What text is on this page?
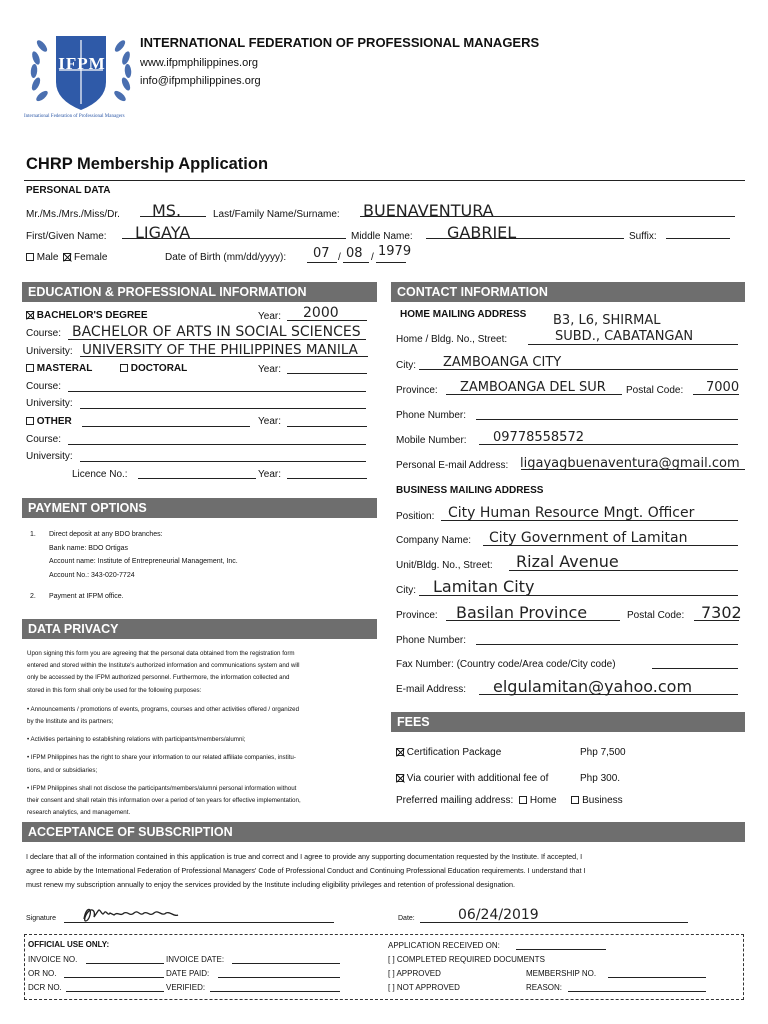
IFPM
International Federation of Professional Managers
INTERNATIONAL FEDERATION OF PROFESSIONAL MANAGERS
www.ifpmphilippines.org
info@ifpmphilippines.org
CHRP Membership Application
PERSONAL DATA
Mr./Ms./Mrs./Miss/Dr. MS.	Last/Family Name/Surname: BUENAVENTURA
First/Given Name: LIGAYA	Middle Name: GABRIEL	Suffix:
Male Female	Date of Birth (mm/dd/yyyy): 07 / 08 / 1979
EDUCATION & PROFESSIONAL INFORMATION
BACHELOR'S DEGREE	Year: 2000
Course: BACHELOR OF ARTS IN SOCIAL SCIENCES
University: UNIVERSITY OF THE PHILIPPINES MANILA
MASTERAL	DOCTORAL	Year:
Course:
University:
OTHER	Year:
Course:
University:
Licence No.:	Year:
PAYMENT OPTIONS
1. Direct deposit at any BDO branches:
Bank name: BDO Ortigas
Account name: Institute of Entrepreneurial Management, Inc.
Account No.: 343-020-7724
2. Payment at IFPM office.
DATA PRIVACY
Upon signing this form you are agreeing that the personal data obtained from the registration form
entered and stored within the Institute's authorized information and communications system and will
only be accessed by the IFPM authorized personnel. Furthermore, the information collected and
stored in this form shall only be used for the following purposes:
• Announcements / promotions of events, programs, courses and other activities offered / organized
by the Institute and its partners;
• Activities pertaining to establishing relations with participants/members/alumni;
• IFPM Philippines has the right to share your information to our related affiliate companies, institu-
tions, and or subsidiaries;
• IFPM Philippines shall not disclose the participants/members/alumni personal information without
their consent and shall retain this information over a period of ten years for effective implementation,
research analytics, and management.
CONTACT INFORMATION
HOME MAILING ADDRESS B3, L6, SHIRMAL
Home / Bldg. No., Street:	SUBD., CABATANGAN
City: ZAMBOANGA CITY
Province: ZAMBOANGA DEL SUR Postal Code: 7000
Phone Number:
Mobile Number: 09778558572
Personal E-mail Address: ligayagbuenaventura@gmail.com
BUSINESS MAILING ADDRESS
Position: City Human Resource Mngt. Officer
Company Name: City Government of Lamitan
Unit/Bldg. No., Street: Rizal Avenue
City: Lamitan City
Province: Basilan Province	Postal Code: 7302
Phone Number:
Fax Number: (Country code/Area code/City code)
E-mail Address: elgulamitan@yahoo.com
FEES
Certification Package	Php 7,500
Via courier with additional fee of	Php 300.
Preferred mailing address: Home	Business
ACCEPTANCE OF SUBSCRIPTION
I declare that all of the information contained in this application is true and correct and I agree to provide any supporting documentation requested by the Institute. If accepted, I
agree to abide by the International Federation of Professional Managers' Code of Professional Conduct and Continuing Professional Education requirements. I understand that I
must renew my subscription annually to enjoy the services provided by the Institute including eligibility privileges and retention of professional designation.
Signature	Date:	06/24/2019
OFFICIAL USE ONLY:
INVOICE NO.	INVOICE DATE:
OR NO.	DATE PAID:
DCR NO.	VERIFIED:
APPLICATION RECEIVED ON:
[ ] COMPLETED REQUIRED DOCUMENTS
[ ] APPROVED	MEMBERSHIP NO.
[ ] NOT APPROVED	REASON:
